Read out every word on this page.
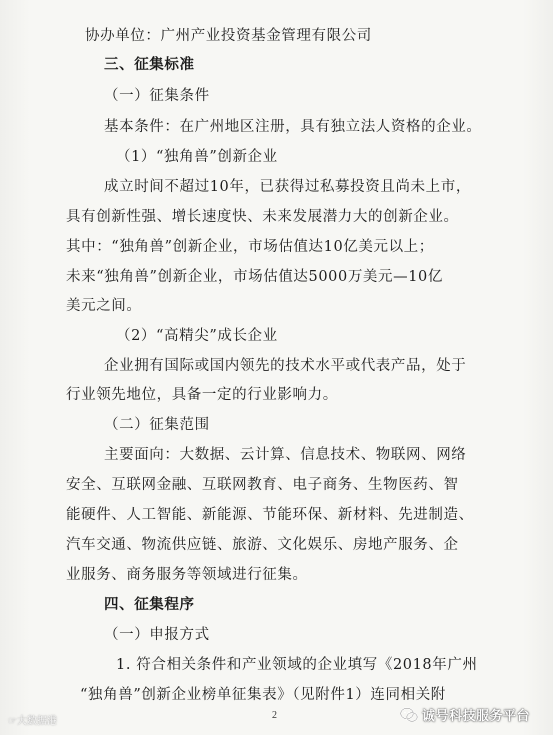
协办单位：广州产业投资基金管理有限公司
三、征集标准
（一）征集条件
基本条件：在广州地区注册，具有独立法人资格的企业。
（1）“独角兽”创新企业
成立时间不超过10年，已获得过私募投资且尚未上市，
具有创新性强、增长速度快、未来发展潜力大的创新企业。
其中：“独角兽”创新企业，市场估值达10亿美元以上；
未来“独角兽”创新企业，市场估值达5000万美元—10亿
美元之间。
（2）“高精尖”成长企业
企业拥有国际或国内领先的技术水平或代表产品，处于
行业领先地位，具备一定的行业影响力。
（二）征集范围
主要面向：大数据、云计算、信息技术、物联网、网络
安全、互联网金融、互联网教育、电子商务、生物医药、智
能硬件、人工智能、新能源、节能环保、新材料、先进制造、
汽车交通、物流供应链、旅游、文化娱乐、房地产服务、企
业服务、商务服务等领域进行征集。
四、征集程序
（一）申报方式
1. 符合相关条件和产业领域的企业填写《2018年广州
“独角兽”创新企业榜单征集表》（见附件1）连同相关附
2
☞大数据港	诚号科技服务平台
